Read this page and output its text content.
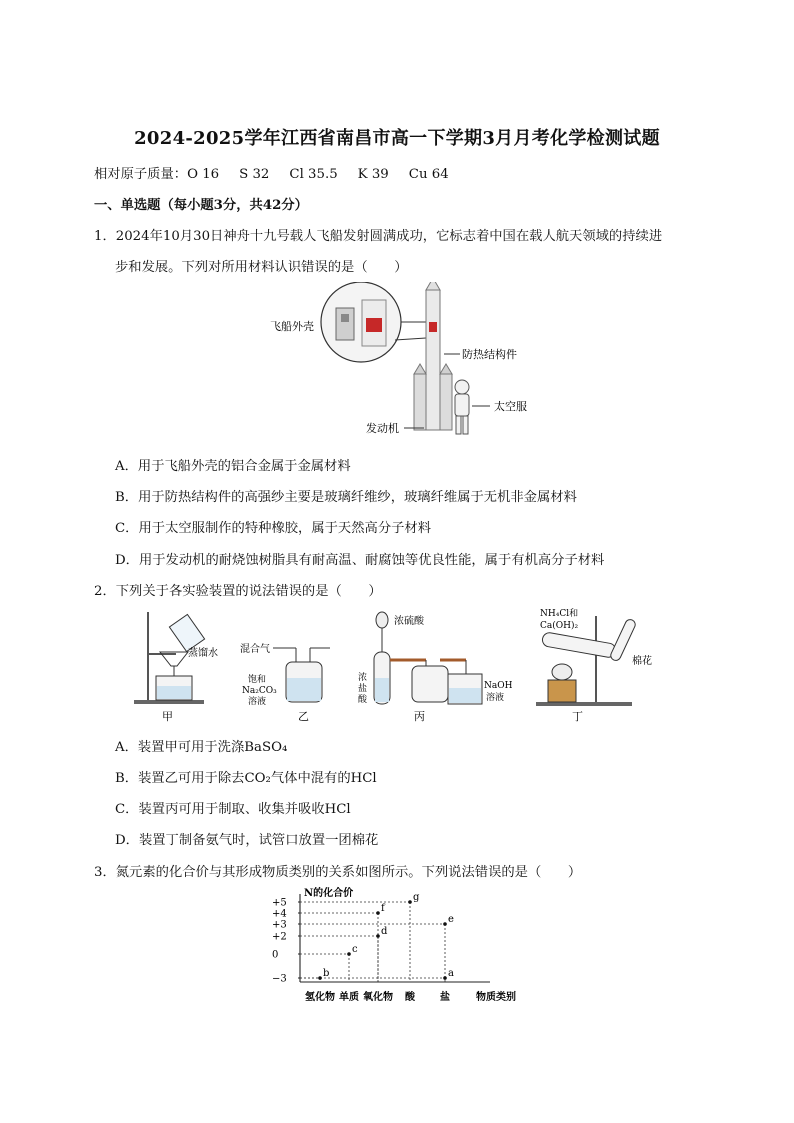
2024-2025学年江西省南昌市高一下学期3月月考化学检测试题
相对原子质量：O 16 S 32 Cl 35.5 K 39 Cu 64
一、单选题（每小题3分，共42分）
1．2024年10月30日神舟十九号载人飞船发射圆满成功，它标志着中国在载人航天领域的持续进
步和发展。下列对所用材料认识错误的是（　　）
飞船外壳
防热结构件
太空服
发动机
A．用于飞船外壳的铝合金属于金属材料
B．用于防热结构件的高强纱主要是玻璃纤维纱，玻璃纤维属于无机非金属材料
C．用于太空服制作的特种橡胶，属于天然高分子材料
D．用于发动机的耐烧蚀树脂具有耐高温、耐腐蚀等优良性能，属于有机高分子材料
2．下列关于各实验装置的说法错误的是（　　）
蒸馏水
甲
混合气
饱和
Na₂CO₃
溶液
乙
浓硫酸
浓
盐
酸
NaOH
溶液
丙
NH₄Cl和
Ca(OH)₂
棉花
丁
A．装置甲可用于洗涤BaSO₄
B．装置乙可用于除去CO₂气体中混有的HCl
C．装置丙可用于制取、收集并吸收HCl
D．装置丁制备氨气时，试管口放置一团棉花
3．氮元素的化合价与其形成物质类别的关系如图所示。下列说法错误的是（　　）
N的化合价
+5
+4
+3
+2
0
−3	b
c
f
d
g
e
a
氢化物 单质 氧化物 酸	盐	物质类别
